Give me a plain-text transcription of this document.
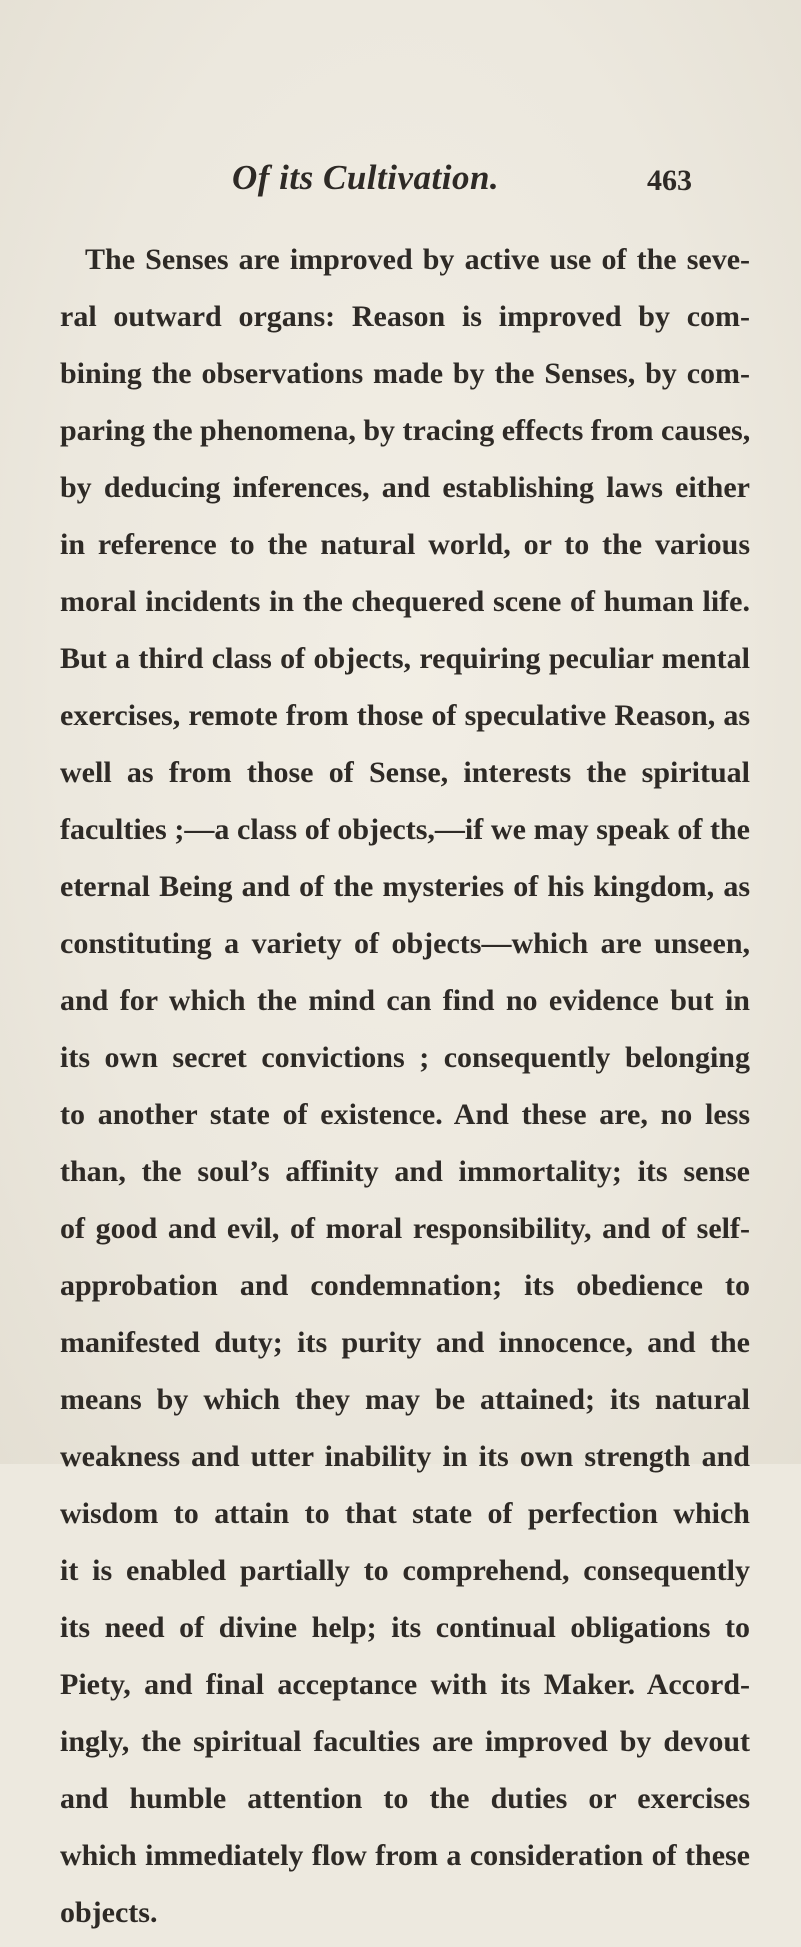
Of its Cultivation.	463
The Senses are improved by active use of the seve-
ral outward organs: Reason is improved by com-
bining the observations made by the Senses, by com-
paring the phenomena, by tracing effects from causes,
by deducing inferences, and establishing laws either
in reference to the natural world, or to the various
moral incidents in the chequered scene of human life.
But a third class of objects, requiring peculiar mental
exercises, remote from those of speculative Reason, as
well as from those of Sense, interests the spiritual
faculties ;—a class of objects,—if we may speak of the
eternal Being and of the mysteries of his kingdom, as
constituting a variety of objects—which are unseen,
and for which the mind can find no evidence but in
its own secret convictions ; consequently belonging
to another state of existence. And these are, no less
than, the soul’s affinity and immortality; its sense
of good and evil, of moral responsibility, and of self-
approbation and condemnation; its obedience to
manifested duty; its purity and innocence, and the
means by which they may be attained; its natural
weakness and utter inability in its own strength and
wisdom to attain to that state of perfection which
it is enabled partially to comprehend, consequently
its need of divine help; its continual obligations to
Piety, and final acceptance with its Maker. Accord-
ingly, the spiritual faculties are improved by devout
and humble attention to the duties or exercises
which immediately flow from a consideration of these
objects.
